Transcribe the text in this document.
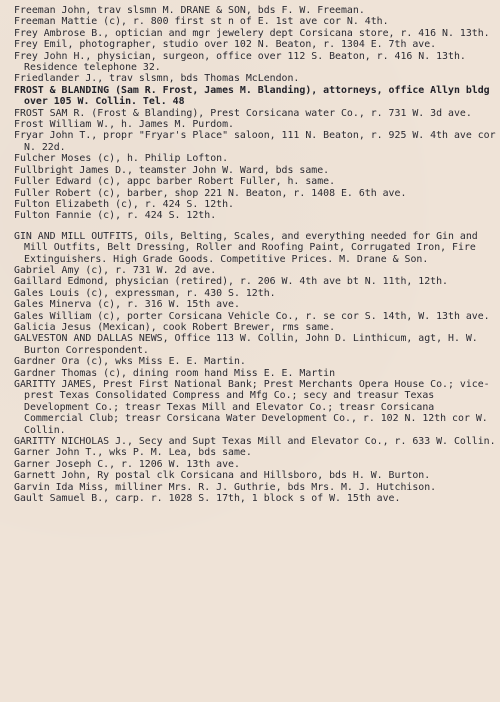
Freeman John, trav slsmn M. DRANE & SON, bds F. W. Freeman.

Freeman Mattie (c), r. 800 first st n of E. 1st ave cor N. 4th.

Frey Ambrose B., optician and mgr jewelery dept Corsicana store, r. 416 N. 13th.

Frey Emil, photographer, studio over 102 N. Beaton, r. 1304 E. 7th ave.

Frey John H., physician, surgeon, office over 112 S. Beaton, r. 416 N. 13th. Residence telephone 32.

Friedlander J., trav slsmn, bds Thomas McLendon.

FROST & BLANDING (Sam R. Frost, James M. Blanding), attorneys, office Allyn bldg over 105 W. Collin. Tel. 48

FROST SAM R. (Frost & Blanding), Prest Corsicana water Co., r. 731 W. 3d ave.

Frost William W., h. James M. Purdom.

Fryar John T., propr "Fryar's Place" saloon, 111 N. Beaton, r. 925 W. 4th ave cor N. 22d.

Fulcher Moses (c), h. Philip Lofton.

Fullbright James D., teamster John W. Ward, bds same.

Fuller Edward (c), appc barber Robert Fuller, h. same.

Fuller Robert (c), barber, shop 221 N. Beaton, r. 1408 E. 6th ave.

Fulton Elizabeth (c), r. 424 S. 12th.

Fulton Fannie (c), r. 424 S. 12th.

GIN AND MILL OUTFITS, Oils, Belting, Scales, and everything needed for Gin and Mill Outfits, Belt Dressing, Roller and Roofing Paint, Corrugated Iron, Fire Extinguishers. High Grade Goods. Competitive Prices. M. Drane & Son.

Gabriel Amy (c), r. 731 W. 2d ave.

Gaillard Edmond, physician (retired), r. 206 W. 4th ave bt N. 11th, 12th.

Gales Louis (c), expressman, r. 430 S. 12th.

Gales Minerva (c), r. 316 W. 15th ave.

Gales William (c), porter Corsicana Vehicle Co., r. se cor S. 14th, W. 13th ave.

Galicia Jesus (Mexican), cook Robert Brewer, rms same.

GALVESTON AND DALLAS NEWS, Office 113 W. Collin, John D. Linthicum, agt, H. W. Burton Correspondent.

Gardner Ora (c), wks Miss E. E. Martin.

Gardner Thomas (c), dining room hand Miss E. E. Martin

GARITTY JAMES, Prest First National Bank; Prest Merchants Opera House Co.; vice-prest Texas Consolidated Compress and Mfg Co.; secy and treasur Texas Development Co.; treasr Texas Mill and Elevator Co.; treasr Corsicana Commercial Club; treasr Corsicana Water Development Co., r. 102 N. 12th cor W. Collin.

GARITTY NICHOLAS J., Secy and Supt Texas Mill and Elevator Co., r. 633 W. Collin.

Garner John T., wks P. M. Lea, bds same.

Garner Joseph C., r. 1206 W. 13th ave.

Garnett John, Ry postal clk Corsicana and Hillsboro, bds H. W. Burton.

Garvin Ida Miss, milliner Mrs. R. J. Guthrie, bds Mrs. M. J. Hutchison.

Gault Samuel B., carp. r. 1028 S. 17th, 1 block s of W. 15th ave.
